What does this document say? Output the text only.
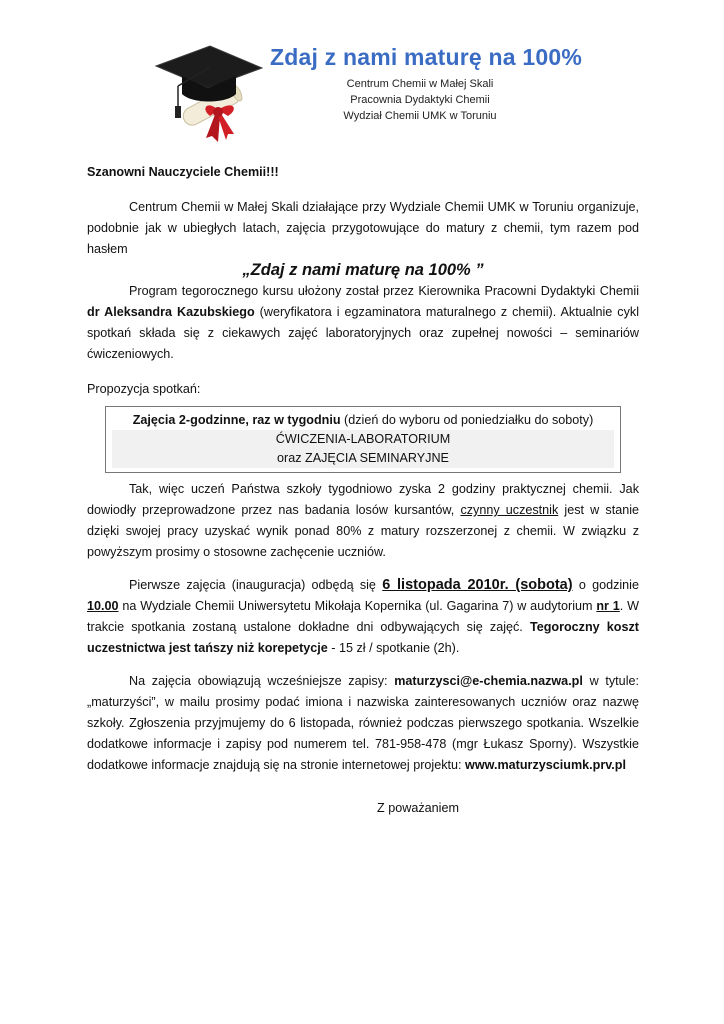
Zdaj z nami maturę na 100%
Centrum Chemii w Małej Skali
Pracownia Dydaktyki Chemii
Wydział Chemii UMK w Toruniu

Szanowni Nauczyciele Chemii!!!

Centrum Chemii w Małej Skali działające przy Wydziale Chemii UMK w Toruniu organizuje, podobnie jak w ubiegłych latach, zajęcia przygotowujące do matury z chemii, tym razem pod hasłem

„Zdaj z nami maturę na 100% ”

Program tegorocznego kursu ułożony został przez Kierownika Pracowni Dydaktyki Chemii dr Aleksandra Kazubskiego (weryfikatora i egzaminatora maturalnego z chemii). Aktualnie cykl spotkań składa się z ciekawych zajęć laboratoryjnych oraz zupełnej nowości – seminariów ćwiczeniowych.

Propozycja spotkań:

Zajęcia 2-godzinne, raz w tygodniu (dzień do wyboru od poniedziałku do soboty)
ĆWICZENIA-LABORATORIUM
oraz ZAJĘCIA SEMINARYJNE

Tak, więc uczeń Państwa szkoły tygodniowo zyska 2 godziny praktycznej chemii. Jak dowiodły przeprowadzone przez nas badania losów kursantów, czynny uczestnik jest w stanie dzięki swojej pracy uzyskać wynik ponad 80% z matury rozszerzonej z chemii. W związku z powyższym prosimy o stosowne zachęcenie uczniów.

Pierwsze zajęcia (inauguracja) odbędą się 6 listopada 2010r. (sobota) o godzinie 10.00 na Wydziale Chemii Uniwersytetu Mikołaja Kopernika (ul. Gagarina 7) w audytorium nr 1. W trakcie spotkania zostaną ustalone dokładne dni odbywających się zajęć. Tegoroczny koszt uczestnictwa jest tańszy niż korepetycje - 15 zł / spotkanie (2h).

Na zajęcia obowiązują wcześniejsze zapisy: maturzysci@e-chemia.nazwa.pl w tytule: „maturzyści”, w mailu prosimy podać imiona i nazwiska zainteresowanych uczniów oraz nazwę szkoły. Zgłoszenia przyjmujemy do 6 listopada, również podczas pierwszego spotkania. Wszelkie dodatkowe informacje i zapisy pod numerem tel. 781-958-478 (mgr Łukasz Sporny). Wszystkie dodatkowe informacje znajdują się na stronie internetowej projektu: www.maturzysciumk.prv.pl

Z poważaniem
